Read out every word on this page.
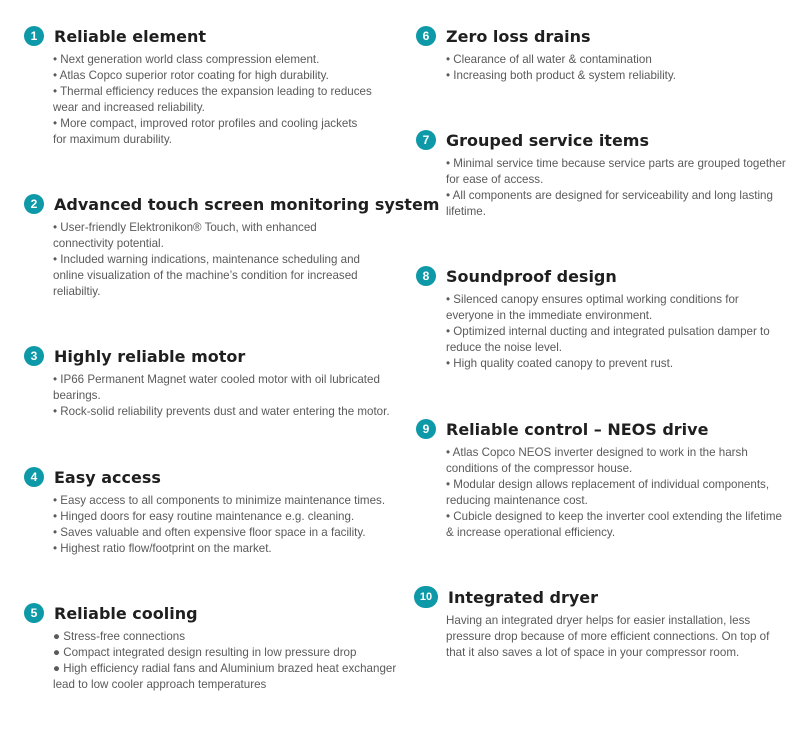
1	Reliable element
• Next generation world class compression element.
• Atlas Copco superior rotor coating for high durability.
• Thermal efficiency reduces the expansion leading to reduces wear and increased reliability.
• More compact, improved rotor profiles and cooling jackets for maximum durability.
2	Advanced touch screen monitoring system
• User-friendly Elektronikon® Touch, with enhanced connectivity potential.
• Included warning indications, maintenance scheduling and online visualization of the machine’s condition for increased reliabiltiy.
3	Highly reliable motor
• IP66 Permanent Magnet water cooled motor with oil lubricated bearings.
• Rock-solid reliability prevents dust and water entering the motor.
4	Easy access
• Easy access to all components to minimize maintenance times.
• Hinged doors for easy routine maintenance e.g. cleaning.
• Saves valuable and often expensive floor space in a facility.
• Highest ratio flow/footprint on the market.
5	Reliable cooling
● Stress-free connections
● Compact integrated design resulting in low pressure drop
● High efficiency radial fans and Aluminium brazed heat exchanger lead to low cooler approach temperatures
6	Zero loss drains
• Clearance of all water & contamination
• Increasing both product & system reliability.
7	Grouped service items
• Minimal service time because service parts are grouped together for ease of access.
• All components are designed for serviceability and long lasting lifetime.
8	Soundproof design
• Silenced canopy ensures optimal working conditions for everyone in the immediate environment.
• Optimized internal ducting and integrated pulsation damper to reduce the noise level.
• High quality coated canopy to prevent rust.
9	Reliable control – NEOS drive
• Atlas Copco NEOS inverter designed to work in the harsh conditions of the compressor house.
• Modular design allows replacement of individual components, reducing maintenance cost.
• Cubicle designed to keep the inverter cool extending the lifetime & increase operational efficiency.
10 Integrated dryer
Having an integrated dryer helps for easier installation, less pressure drop because of more efficient connections. On top of that it also saves a lot of space in your compressor room.
